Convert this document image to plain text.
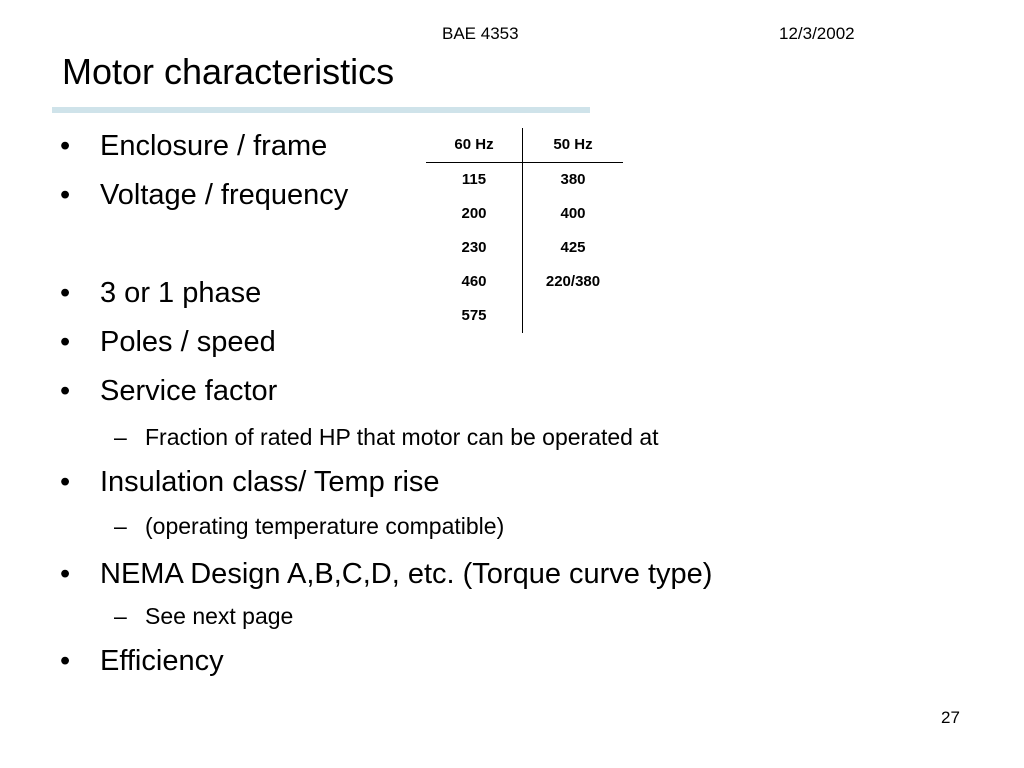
BAE 4353	12/3/2002
Motor characteristics
• Enclosure / frame
• Voltage / frequency
• 3 or 1 phase
• Poles / speed
• Service factor
– Fraction of rated HP that motor can be operated at
• Insulation class/ Temp rise
– (operating temperature compatible)
• NEMA Design A,B,C,D, etc. (Torque curve type)
– See next page
• Efficiency
60 Hz	50 Hz
115	380
200	400
230	425
460	220/380
575	
27
